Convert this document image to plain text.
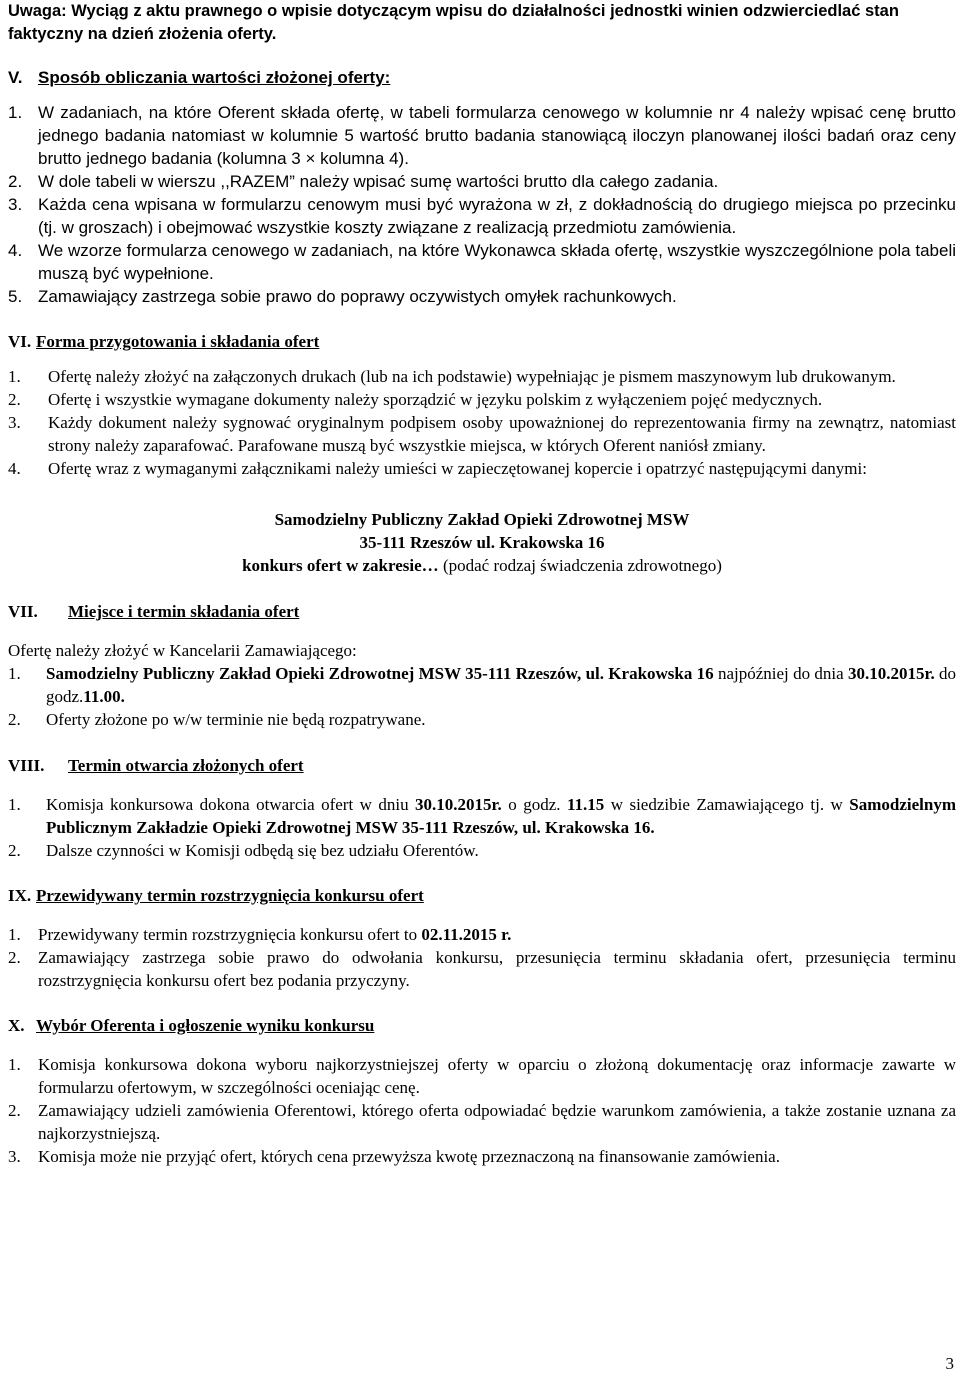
Uwaga: Wyciąg z aktu prawnego o wpisie dotyczącym wpisu do działalności jednostki winien odzwierciedlać stan faktyczny na dzień złożenia oferty.

V. Sposób obliczania wartości złożonej oferty:
1. W zadaniach, na które Oferent składa ofertę, w tabeli formularza cenowego w kolumnie nr 4 należy wpisać cenę brutto jednego badania natomiast w kolumnie 5 wartość brutto badania stanowiącą iloczyn planowanej ilości badań oraz ceny brutto jednego badania (kolumna 3 × kolumna 4).
2. W dole tabeli w wierszu ,,RAZEM” należy wpisać sumę wartości brutto dla całego zadania.
3. Każda cena wpisana w formularzu cenowym musi być wyrażona w zł, z dokładnością do drugiego miejsca po przecinku (tj. w groszach) i obejmować wszystkie koszty związane z realizacją przedmiotu zamówienia.
4. We wzorze formularza cenowego w zadaniach, na które Wykonawca składa ofertę, wszystkie wyszczególnione pola tabeli muszą być wypełnione.
5. Zamawiający zastrzega sobie prawo do poprawy oczywistych omyłek rachunkowych.
VI. Forma przygotowania i składania ofert
1. Ofertę należy złożyć na załączonych drukach (lub na ich podstawie) wypełniając je pismem maszynowym lub drukowanym.
2. Ofertę i wszystkie wymagane dokumenty należy sporządzić w języku polskim z wyłączeniem pojęć medycznych.
3. Każdy dokument należy sygnować oryginalnym podpisem osoby upoważnionej do reprezentowania firmy na zewnątrz, natomiast strony należy zaparafować. Parafowane muszą być wszystkie miejsca, w których Oferent naniósł zmiany.
4. Ofertę wraz z wymaganymi załącznikami należy umieści w zapieczętowanej kopercie i opatrzyć następującymi danymi:

Samodzielny Publiczny Zakład Opieki Zdrowotnej MSW

35-111 Rzeszów ul. Krakowska 16

konkurs ofert w zakresie… (podać rodzaj świadczenia zdrowotnego)

VII. Miejsce i termin składania ofert

Ofertę należy złożyć w Kancelarii Zamawiającego:

1. Samodzielny Publiczny Zakład Opieki Zdrowotnej MSW 35-111 Rzeszów, ul. Krakowska 16 najpóźniej do dnia 30.10.2015r. do godz.11.00.
2. Oferty złożone po w/w terminie nie będą rozpatrywane.
VIII. Termin otwarcia złożonych ofert
1. Komisja konkursowa dokona otwarcia ofert w dniu 30.10.2015r. o godz. 11.15 w siedzibie Zamawiającego tj. w Samodzielnym Publicznym Zakładzie Opieki Zdrowotnej MSW 35-111 Rzeszów, ul. Krakowska 16.
2. Dalsze czynności w Komisji odbędą się bez udziału Oferentów.
IX. Przewidywany termin rozstrzygnięcia konkursu ofert
1. Przewidywany termin rozstrzygnięcia konkursu ofert to 02.11.2015 r.
2. Zamawiający zastrzega sobie prawo do odwołania konkursu, przesunięcia terminu składania ofert, przesunięcia terminu rozstrzygnięcia konkursu ofert bez podania przyczyny.
X. Wybór Oferenta i ogłoszenie wyniku konkursu
1. Komisja konkursowa dokona wyboru najkorzystniejszej oferty w oparciu o złożoną dokumentację oraz informacje zawarte w formularzu ofertowym, w szczególności oceniając cenę.
2. Zamawiający udzieli zamówienia Oferentowi, którego oferta odpowiadać będzie warunkom zamówienia, a także zostanie uznana za najkorzystniejszą.
3. Komisja może nie przyjąć ofert, których cena przewyższa kwotę przeznaczoną na finansowanie zamówienia.
3
